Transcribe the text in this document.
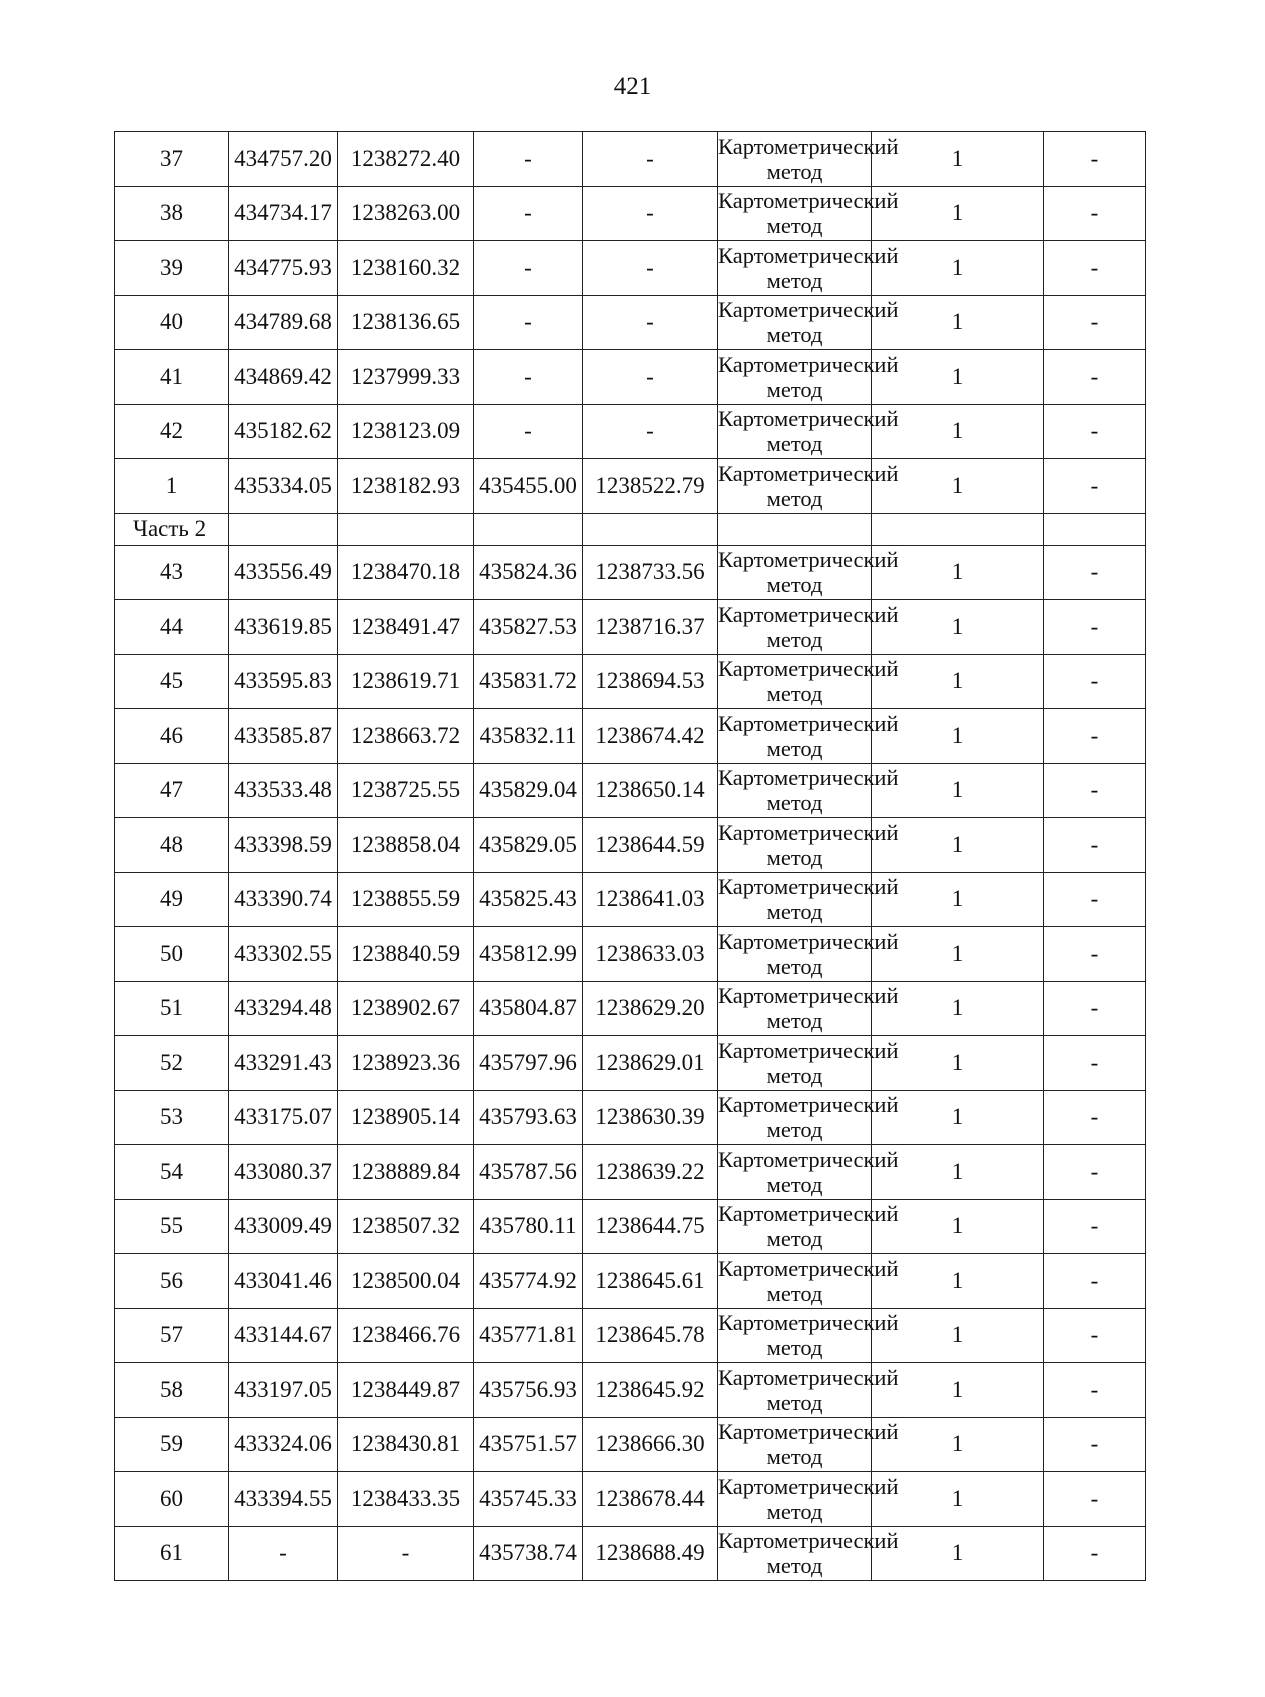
421
37	434757.20	1238272.40	-	-	Картометрический метод	1	-
38	434734.17	1238263.00	-	-	Картометрический метод	1	-
39	434775.93	1238160.32	-	-	Картометрический метод	1	-
40	434789.68	1238136.65	-	-	Картометрический метод	1	-
41	434869.42	1237999.33	-	-	Картометрический метод	1	-
42	435182.62	1238123.09	-	-	Картометрический метод	1	-
1	435334.05	1238182.93	435455.00	1238522.79	Картометрический метод	1	-
Часть 2							
43	433556.49	1238470.18	435824.36	1238733.56	Картометрический метод	1	-
44	433619.85	1238491.47	435827.53	1238716.37	Картометрический метод	1	-
45	433595.83	1238619.71	435831.72	1238694.53	Картометрический метод	1	-
46	433585.87	1238663.72	435832.11	1238674.42	Картометрический метод	1	-
47	433533.48	1238725.55	435829.04	1238650.14	Картометрический метод	1	-
48	433398.59	1238858.04	435829.05	1238644.59	Картометрический метод	1	-
49	433390.74	1238855.59	435825.43	1238641.03	Картометрический метод	1	-
50	433302.55	1238840.59	435812.99	1238633.03	Картометрический метод	1	-
51	433294.48	1238902.67	435804.87	1238629.20	Картометрический метод	1	-
52	433291.43	1238923.36	435797.96	1238629.01	Картометрический метод	1	-
53	433175.07	1238905.14	435793.63	1238630.39	Картометрический метод	1	-
54	433080.37	1238889.84	435787.56	1238639.22	Картометрический метод	1	-
55	433009.49	1238507.32	435780.11	1238644.75	Картометрический метод	1	-
56	433041.46	1238500.04	435774.92	1238645.61	Картометрический метод	1	-
57	433144.67	1238466.76	435771.81	1238645.78	Картометрический метод	1	-
58	433197.05	1238449.87	435756.93	1238645.92	Картометрический метод	1	-
59	433324.06	1238430.81	435751.57	1238666.30	Картометрический метод	1	-
60	433394.55	1238433.35	435745.33	1238678.44	Картометрический метод	1	-
61	-	-	435738.74	1238688.49	Картометрический метод	1	-
